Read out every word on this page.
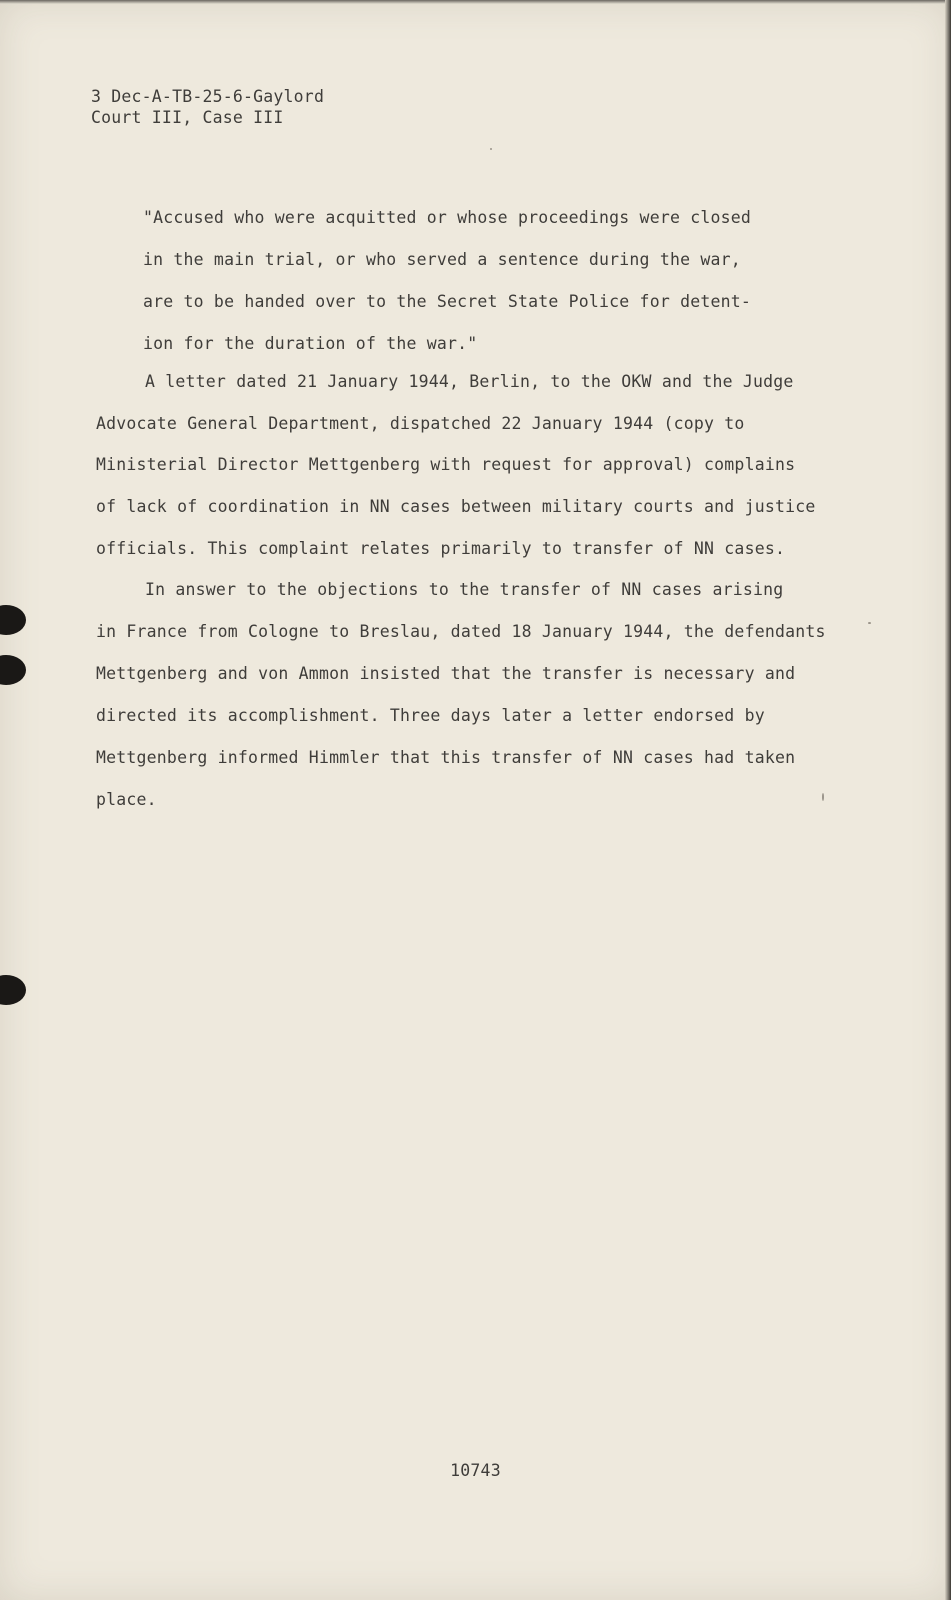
3 Dec-A-TB-25-6-Gaylord
Court III, Case III
"Accused who were acquitted or whose proceedings were closed
in the main trial, or who served a sentence during the war,
are to be handed over to the Secret State Police for detent-
ion for the duration of the war."
A letter dated 21 January 1944, Berlin, to the OKW and the Judge
Advocate General Department, dispatched 22 January 1944 (copy to
Ministerial Director Mettgenberg with request for approval) complains
of lack of coordination in NN cases between military courts and justice
officials. This complaint relates primarily to transfer of NN cases.
In answer to the objections to the transfer of NN cases arising
in France from Cologne to Breslau, dated 18 January 1944, the defendants
Mettgenberg and von Ammon insisted that the transfer is necessary and
directed its accomplishment. Three days later a letter endorsed by
Mettgenberg informed Himmler that this transfer of NN cases had taken
place.
10743
